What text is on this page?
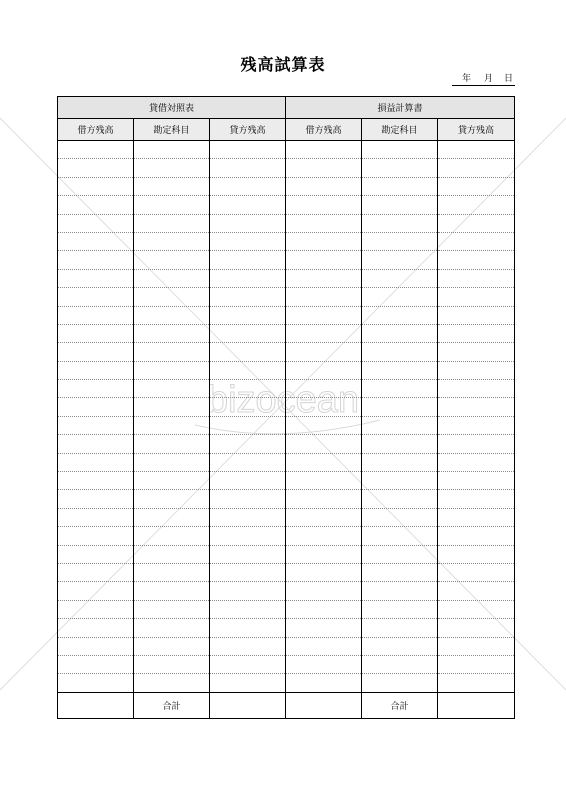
bizocean
残高試算表
年 月 日
貸借対照表			損益計算書		
借方残高	勘定科目	貸方残高	借方残高	勘定科目	貸方残高

	合計			合計	
